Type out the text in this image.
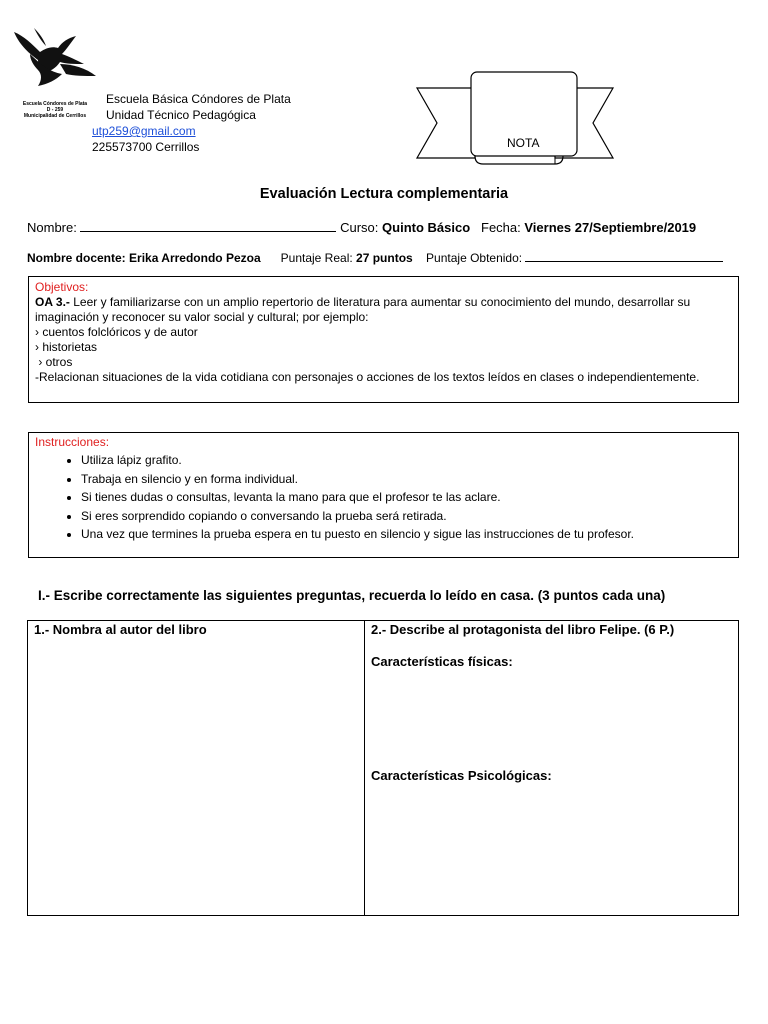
Escuela Cóndores de Plata
D - 259
Municipalidad de Cerrillos
Escuela Básica Cóndores de Plata
Unidad Técnico Pedagógica
utp259@gmail.com
225573700 Cerrillos	NOTA
Evaluación Lectura complementaria
Nombre:	Curso: Quinto Básico Fecha: Viernes 27/Septiembre/2019
Nombre docente: Erika Arredondo Pezoa Puntaje Real: 27 puntos Puntaje Obtenido:
Objetivos:
OA 3.- Leer y familiarizarse con un amplio repertorio de literatura para aumentar su conocimiento del mundo, desarrollar su imaginación y reconocer su valor social y cultural; por ejemplo:
› cuentos folclóricos y de autor
› historietas
› otros
-Relacionan situaciones de la vida cotidiana con personajes o acciones de los textos leídos en clases o independientemente.
Instrucciones:
• Utiliza lápiz grafito.
• Trabaja en silencio y en forma individual.
• Si tienes dudas o consultas, levanta la mano para que el profesor te las aclare.
• Si eres sorprendido copiando o conversando la prueba será retirada.
• Una vez que termines la prueba espera en tu puesto en silencio y sigue las instrucciones de tu profesor.
I.- Escribe correctamente las siguientes preguntas, recuerda lo leído en casa. (3 puntos cada una)
1.- Nombra al autor del libro	2.- Describe al protagonista del libro Felipe. (6 P.)
Características físicas:
Características Psicológicas:
